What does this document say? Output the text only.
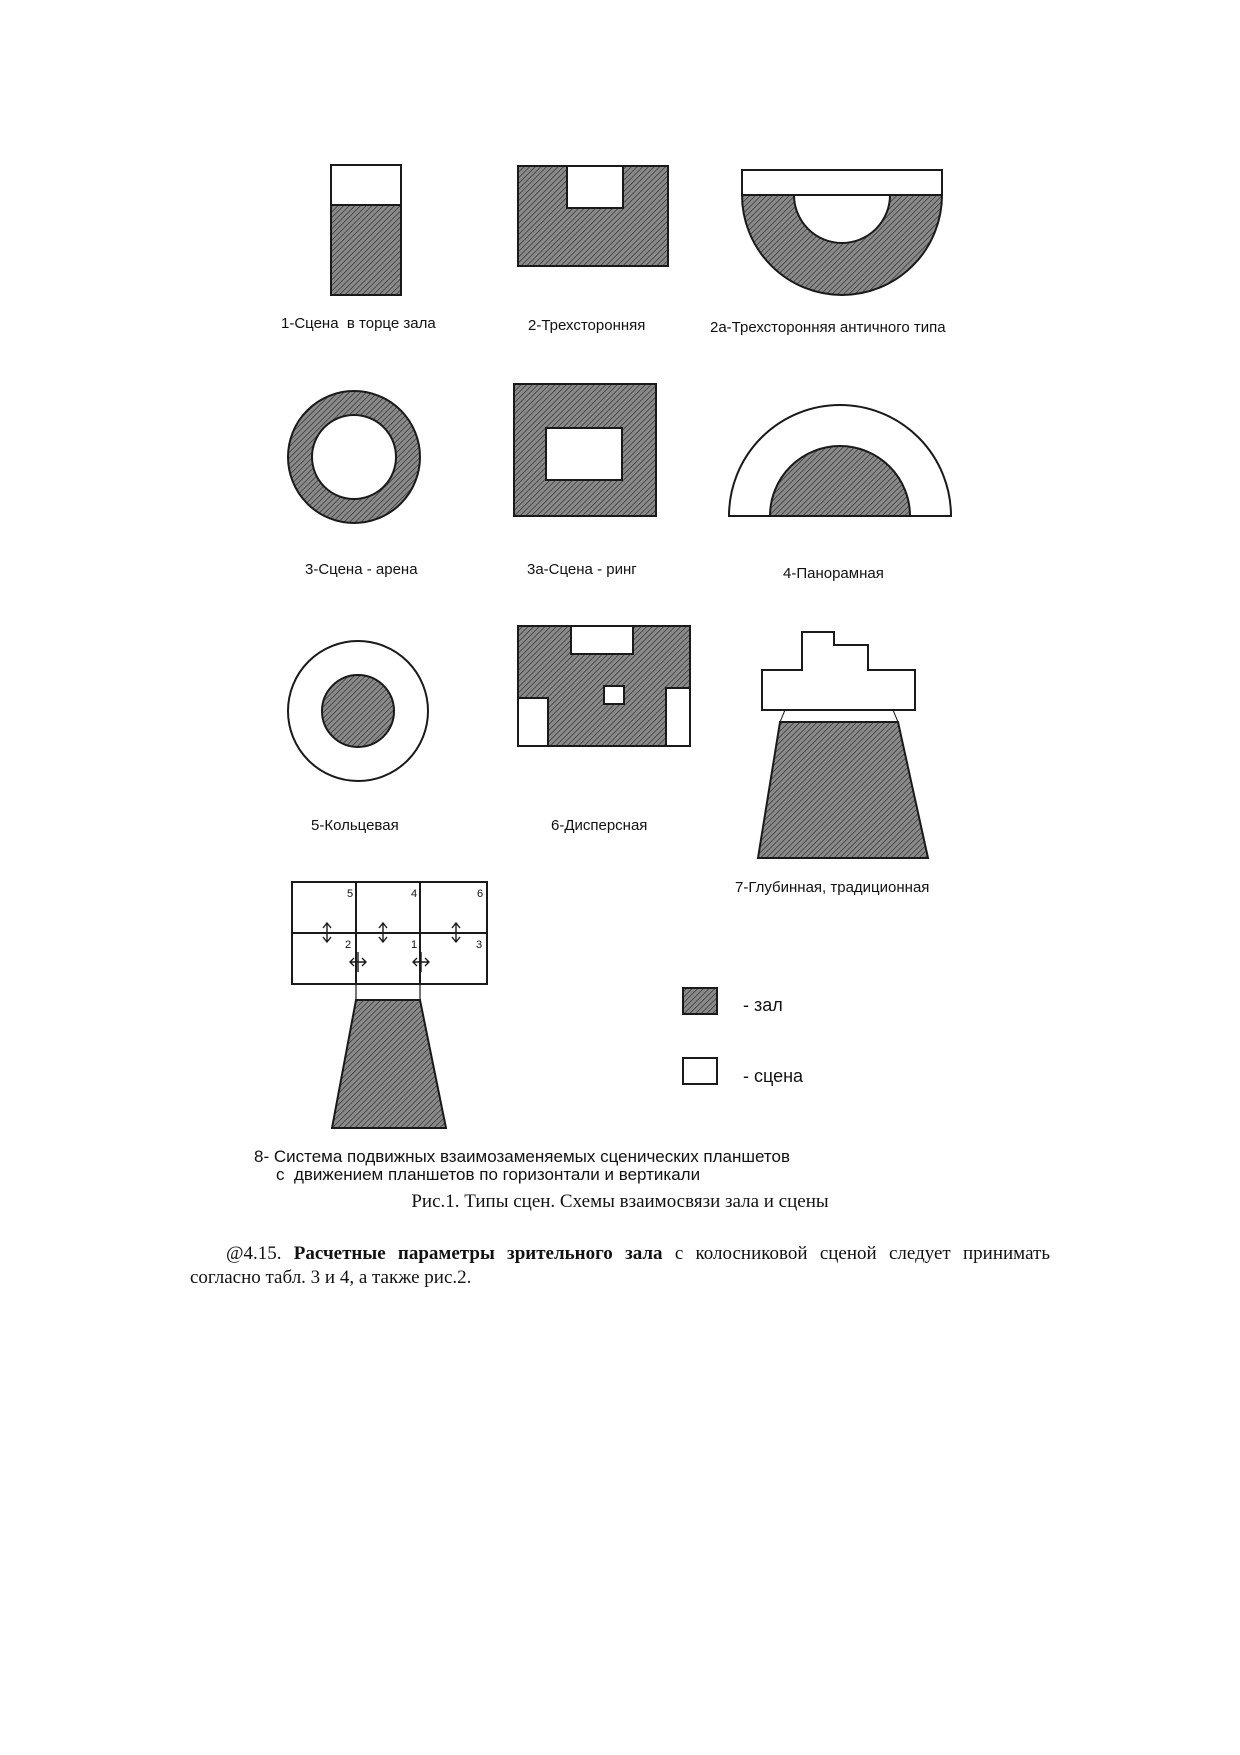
1-Сцена  в торце зала	2-Трехсторонняя	2а-Трехсторонняя античного типа
3-Сцена - арена	3а-Сцена - ринг	4-Панорамная
5-Кольцевая	6-Дисперсная
7-Глубинная, традиционная
5	4	6
2	1	3
- зал
- сцена
8- Система подвижных взаимозаменяемых сценических планшетов
с  движением планшетов по горизонтали и вертикали
Рис.1. Типы сцен. Схемы взаимосвязи зала и сцены
@4.15. Расчетные параметры зрительного зала с колосниковой сценой следует принимать согласно табл. 3 и 4, а также рис.2.
